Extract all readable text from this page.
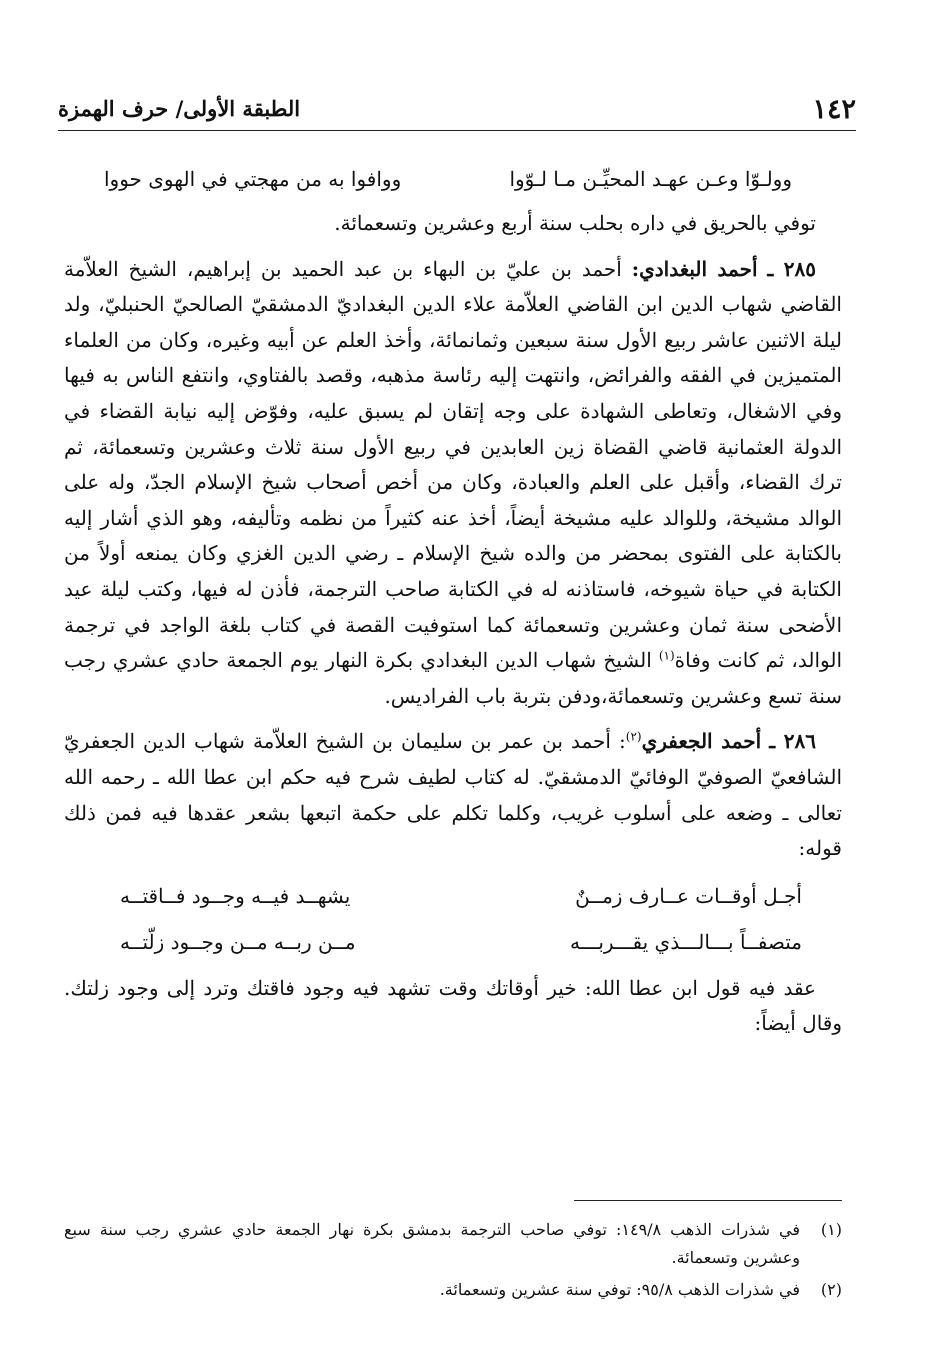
١٤٢
الطبقة الأولى/ حرف الهمزة
وولـوّا وعـن عهـد المحيِّـن مـا لـوّوا
ووافوا به من مهجتي في الهوى حووا

توفي بالحريق في داره بحلب سنة أربع وعشرين وتسعمائة.

٢٨٥ ـ أحمد البغدادي: أحمد بن عليّ بن البهاء بن عبد الحميد بن إبراهيم، الشيخ العلاّمة القاضي شهاب الدين ابن القاضي العلاّمة علاء الدين البغداديّ الدمشقيّ الصالحيّ الحنبليّ، ولد ليلة الاثنين عاشر ربيع الأول سنة سبعين وثمانمائة، وأخذ العلم عن أبيه وغيره، وكان من العلماء المتميزين في الفقه والفرائض، وانتهت إليه رئاسة مذهبه، وقصد بالفتاوي، وانتفع الناس به فيها وفي الاشغال، وتعاطى الشهادة على وجه إتقان لم يسبق عليه، وفوّض إليه نيابة القضاء في الدولة العثمانية قاضي القضاة زين العابدين في ربيع الأول سنة ثلاث وعشرين وتسعمائة، ثم ترك القضاء، وأقبل على العلم والعبادة، وكان من أخص أصحاب شيخ الإسلام الجدّ، وله على الوالد مشيخة، وللوالد عليه مشيخة أيضاً، أخذ عنه كثيراً من نظمه وتأليفه، وهو الذي أشار إليه بالكتابة على الفتوى بمحضر من والده شيخ الإسلام ـ رضي الدين الغزي وكان يمنعه أولاً من الكتابة في حياة شيوخه، فاستاذنه له في الكتابة صاحب الترجمة، فأذن له فيها، وكتب ليلة عيد الأضحى سنة ثمان وعشرين وتسعمائة كما استوفيت القصة في كتاب بلغة الواجد في ترجمة الوالد، ثم كانت وفاة$^{(١)}$ الشيخ شهاب الدين البغدادي بكرة النهار يوم الجمعة حادي عشري رجب سنة تسع وعشرين وتسعمائة،ودفن بتربة باب الفراديس.

٢٨٦ ـ أحمد الجعفري$^{(٢)}$: أحمد بن عمر بن سليمان بن الشيخ العلاّمة شهاب الدين الجعفريّ الشافعيّ الصوفيّ الوفائيّ الدمشقيّ. له كتاب لطيف شرح فيه حكم ابن عطا الله ـ رحمه الله تعالى ـ وضعه على أسلوب غريب، وكلما تكلم على حكمة اتبعها بشعر عقدها فيه فمن ذلك قوله:

أجـل أوقــات عــارف زمــنٌ
يشهــد فيــه وجــود فــاقتــه
متصفــاً بـــالـــذي يقـــربـــه
مــن ربــه مــن وجــود زلّتــه

عقد فيه قول ابن عطا الله: خير أوقاتك وقت تشهد فيه وجود فاقتك وترد إلى وجود زلتك. وقال أيضاً:

(١)
في شذرات الذهب ١٤٩/٨: توفي صاحب الترجمة بدمشق بكرة نهار الجمعة حادي عشري رجب سنة سبع وعشرين وتسعمائة.
(٢)
في شذرات الذهب ٩٥/٨: توفي سنة عشرين وتسعمائة.
